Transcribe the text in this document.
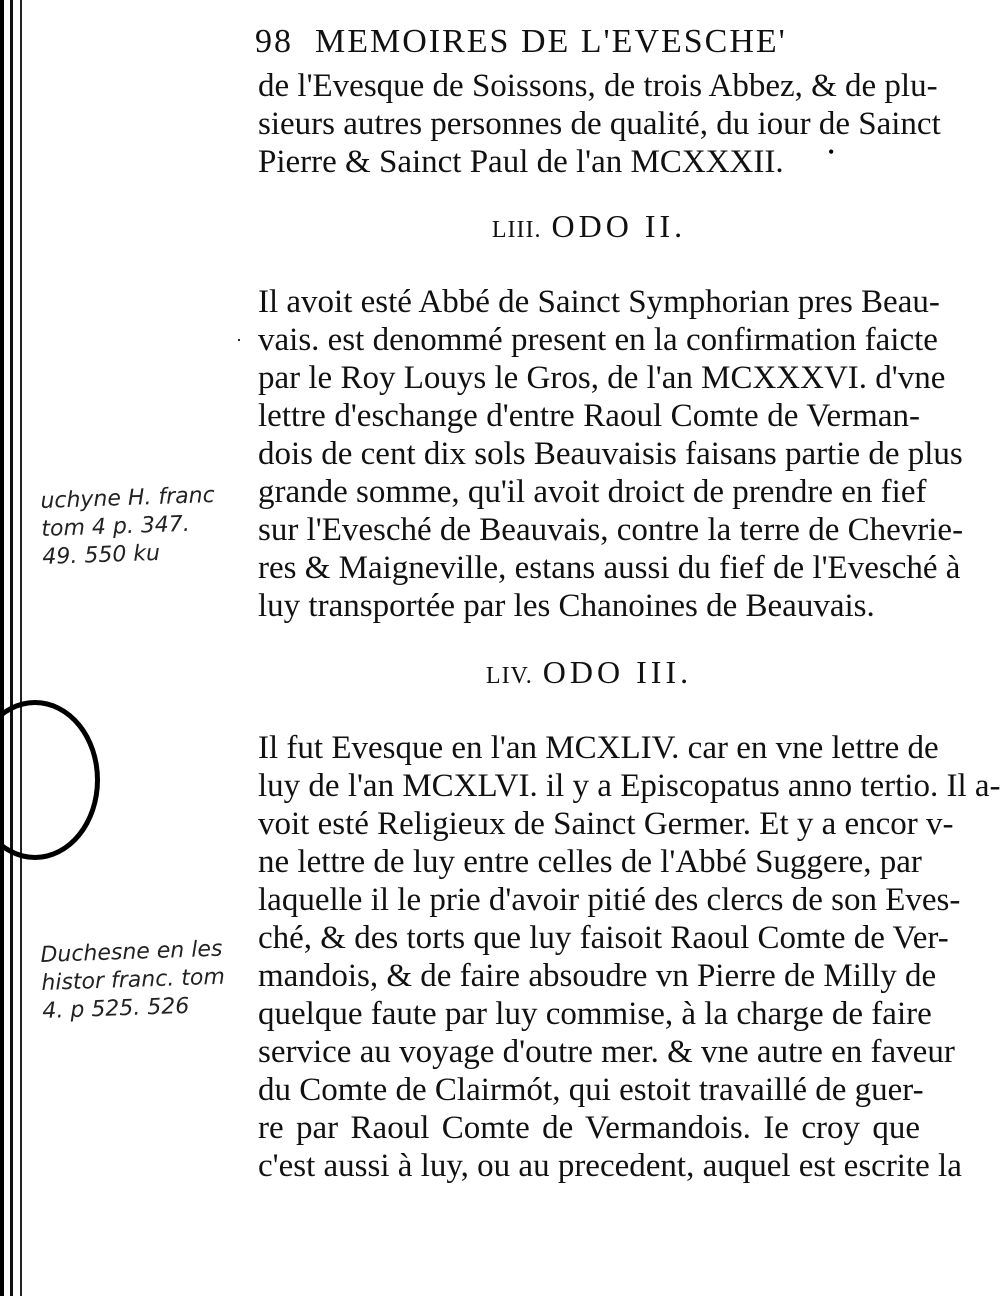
98 MEMOIRES DE L'EVESCHE'
de l'Evesque de Soissons, de trois Abbez, & de plu-
sieurs autres personnes de qualité, du iour de Sainct
Pierre & Sainct Paul de l'an MCXXXII.
LIII. ODO II.
Il avoit esté Abbé de Sainct Symphorian pres Beau-
vais. est denommé present en la confirmation faicte
par le Roy Louys le Gros, de l'an MCXXXVI. d'vne
lettre d'eschange d'entre Raoul Comte de Verman-
dois de cent dix sols Beauvaisis faisans partie de plus
grande somme, qu'il avoit droict de prendre en fief
sur l'Evesché de Beauvais, contre la terre de Chevrie-
res & Maigneville, estans aussi du fief de l'Evesché à
luy transportée par les Chanoines de Beauvais.
LIV. ODO III.
Il fut Evesque en l'an MCXLIV. car en vne lettre de
luy de l'an MCXLVI. il y a Episcopatus anno tertio. Il a-
voit esté Religieux de Sainct Germer. Et y a encor v-
ne lettre de luy entre celles de l'Abbé Suggere, par
laquelle il le prie d'avoir pitié des clercs de son Eves-
ché, & des torts que luy faisoit Raoul Comte de Ver-
mandois, & de faire absoudre vn Pierre de Milly de
quelque faute par luy commise, à la charge de faire
service au voyage d'outre mer. & vne autre en faveur
du Comte de Clairmót, qui estoit travaillé de guer-
re par Raoul Comte de Vermandois. Ie croy que
c'est aussi à luy, ou au precedent, auquel est escrite la
uchyne H. franc
tom 4 p. 347.
49. 550 ku
Duchesne en les
histor franc. tom
4. p 525. 526
•
·
